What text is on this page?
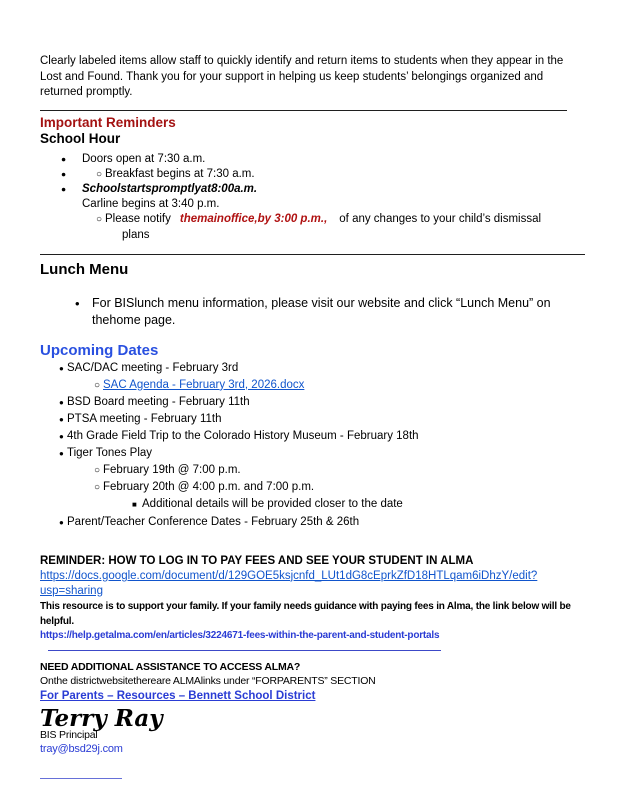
Clearly labeled items allow staff to quickly identify and return items to students when they appear in the Lost and Found. Thank you for your support in helping us keep students’ belongings organized and returned promptly.
Important Reminders
School Hour
●Doors open at 7:30 a.m.
●○Breakfast begins at 7:30 a.m.
●Schoolstartspromptlyat8:00a.m.
Carline begins at 3:40 p.m.
○Please notify themainoffice,by 3:00 p.m., of any changes to your child’s dismissal
plans
Lunch Menu
•
For BISlunch menu information, please visit our website and click “Lunch Menu” on thehome page.
Upcoming Dates
●SAC/DAC meeting - February 3rd
○SAC Agenda - February 3rd, 2026.docx
●BSD Board meeting - February 11th
●PTSA meeting - February 11th
●4th Grade Field Trip to the Colorado History Museum - February 18th
●Tiger Tones Play
○February 19th @ 7:00 p.m.
○February 20th @ 4:00 p.m. and 7:00 p.m.
■Additional details will be provided closer to the date
●Parent/Teacher Conference Dates - February 25th & 26th
REMINDER: HOW TO LOG IN TO PAY FEES AND SEE YOUR STUDENT IN ALMA
https://docs.google.com/document/d/129GOE5ksjcnfd_LUt1dG8cEprkZfD18HTLqam6iDhzY/edit?usp=sharing
This resource is to support your family. If your family needs guidance with paying fees in Alma, the link below will be helpful.
https://help.getalma.com/en/articles/3224671-fees-within-the-parent-and-student-portals
NEED ADDITIONAL ASSISTANCE TO ACCESS ALMA?
Onthe districtwebsitethereare ALMAlinks under “FORPARENTS” SECTION
For Parents – Resources – Bennett School District
Terry Ray
BIS Principal
tray@bsd29j.com
